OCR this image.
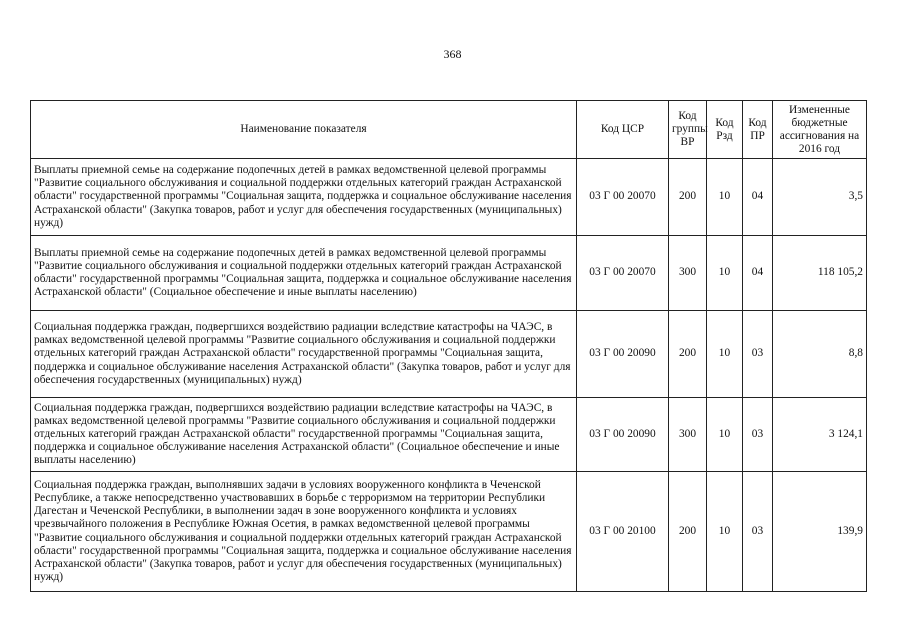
368
Наименование показателя	Код ЦСР	Код группы ВР	Код Рзд	Код ПР	Измененные бюджетные ассигнования на 2016 год
Выплаты приемной семье на содержание подопечных детей в рамках ведомственной целевой программы "Развитие социального обслуживания и социальной поддержки отдельных категорий граждан Астраханской области" государственной программы "Социальная защита, поддержка и социальное обслуживание населения Астраханской области" (Закупка товаров, работ и услуг для обеспечения государственных (муниципальных) нужд)	03 Г 00 20070	200	10	04	3,5
Выплаты приемной семье на содержание подопечных детей в рамках ведомственной целевой программы "Развитие социального обслуживания и социальной поддержки отдельных категорий граждан Астраханской области" государственной программы "Социальная защита, поддержка и социальное обслуживание населения Астраханской области" (Социальное обеспечение и иные выплаты населению)	03 Г 00 20070	300	10	04	118 105,2
Социальная поддержка граждан, подвергшихся воздействию радиации вследствие катастрофы на ЧАЭС, в рамках ведомственной целевой программы "Развитие социального обслуживания и социальной поддержки отдельных категорий граждан Астраханской области" государственной программы "Социальная защита, поддержка и социальное обслуживание населения Астраханской области" (Закупка товаров, работ и услуг для обеспечения государственных (муниципальных) нужд)	03 Г 00 20090	200	10	03	8,8
Социальная поддержка граждан, подвергшихся воздействию радиации вследствие катастрофы на ЧАЭС, в рамках ведомственной целевой программы "Развитие социального обслуживания и социальной поддержки отдельных категорий граждан Астраханской области" государственной программы "Социальная защита, поддержка и социальное обслуживание населения Астраханской области" (Социальное обеспечение и иные выплаты населению)	03 Г 00 20090	300	10	03	3 124,1
Социальная поддержка граждан, выполнявших задачи в условиях вооруженного конфликта в Чеченской Республике, а также непосредственно участвовавших в борьбе с терроризмом на территории Республики Дагестан и Чеченской Республики, в выполнении задач в зоне вооруженного конфликта и условиях чрезвычайного положения в Республике Южная Осетия, в рамках ведомственной целевой программы "Развитие социального обслуживания и социальной поддержки отдельных категорий граждан Астраханской области" государственной программы "Социальная защита, поддержка и социальное обслуживание населения Астраханской области" (Закупка товаров, работ и услуг для обеспечения государственных (муниципальных) нужд)	03 Г 00 20100	200	10	03	139,9
